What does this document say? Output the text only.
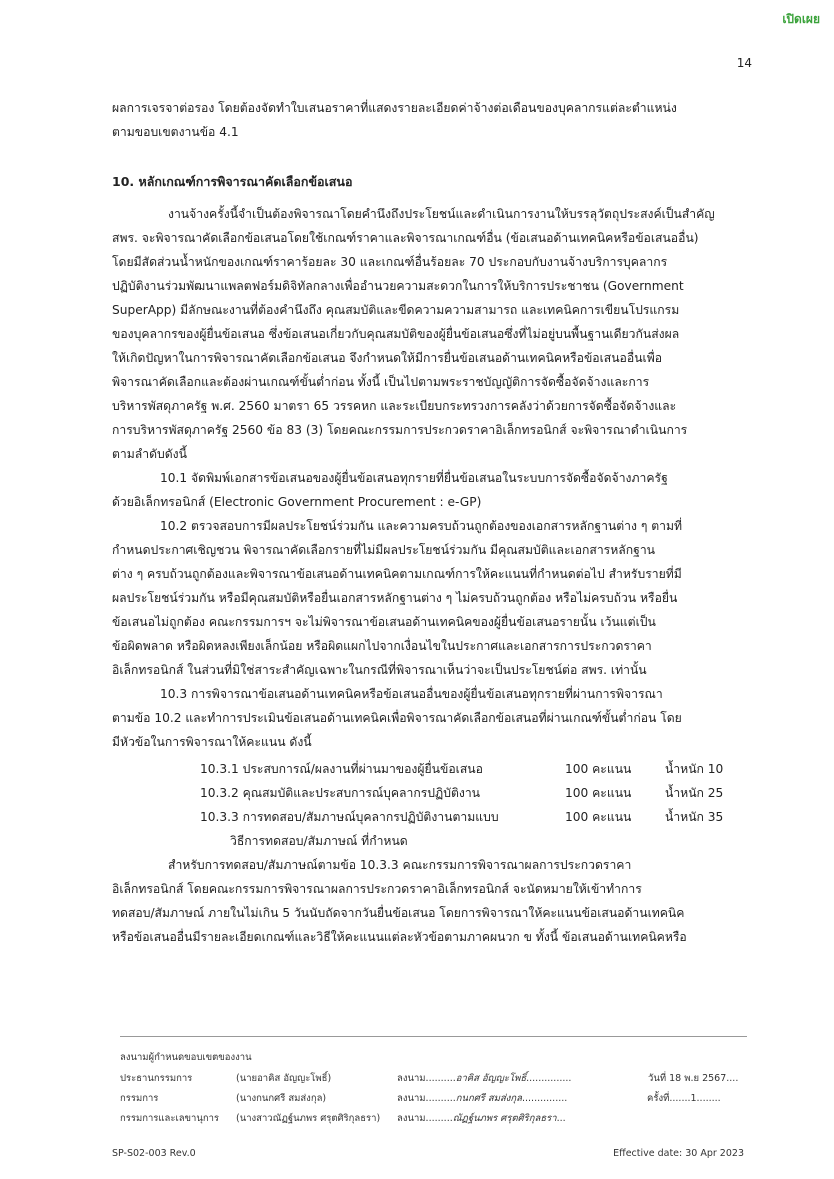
เปิดเผย
14

ผลการเจรจาต่อรอง โดยต้องจัดทำใบเสนอราคาที่แสดงรายละเอียดค่าจ้างต่อเดือนของบุคลากรแต่ละตำแหน่ง

ตามขอบเขตงานข้อ 4.1

10. หลักเกณฑ์การพิจารณาคัดเลือกข้อเสนอ

งานจ้างครั้งนี้จำเป็นต้องพิจารณาโดยคำนึงถึงประโยชน์และดำเนินการงานให้บรรลุวัตถุประสงค์เป็นสำคัญ

สพร. จะพิจารณาคัดเลือกข้อเสนอโดยใช้เกณฑ์ราคาและพิจารณาเกณฑ์อื่น (ข้อเสนอด้านเทคนิคหรือข้อเสนออื่น)

โดยมีสัดส่วนน้ำหนักของเกณฑ์ราคาร้อยละ 30 และเกณฑ์อื่นร้อยละ 70 ประกอบกับงานจ้างบริการบุคลากร

ปฏิบัติงานร่วมพัฒนาแพลตฟอร์มดิจิทัลกลางเพื่ออำนวยความสะดวกในการให้บริการประชาชน (Government

SuperApp) มีลักษณะงานที่ต้องคำนึงถึง คุณสมบัติและขีดความความสามารถ และเทคนิคการเขียนโปรแกรม

ของบุคลากรของผู้ยื่นข้อเสนอ ซึ่งข้อเสนอเกี่ยวกับคุณสมบัติของผู้ยื่นข้อเสนอซึ่งที่ไม่อยู่บนพื้นฐานเดียวกันส่งผล

ให้เกิดปัญหาในการพิจารณาคัดเลือกข้อเสนอ จึงกำหนดให้มีการยื่นข้อเสนอด้านเทคนิคหรือข้อเสนออื่นเพื่อ

พิจารณาคัดเลือกและต้องผ่านเกณฑ์ขั้นต่ำก่อน ทั้งนี้ เป็นไปตามพระราชบัญญัติการจัดซื้อจัดจ้างและการ

บริหารพัสดุภาครัฐ พ.ศ. 2560 มาตรา 65 วรรคหก และระเบียบกระทรวงการคลังว่าด้วยการจัดซื้อจัดจ้างและ

การบริหารพัสดุภาครัฐ 2560 ข้อ 83 (3) โดยคณะกรรมการประกวดราคาอิเล็กทรอนิกส์ จะพิจารณาดำเนินการ

ตามลำดับดังนี้

10.1 จัดพิมพ์เอกสารข้อเสนอของผู้ยื่นข้อเสนอทุกรายที่ยื่นข้อเสนอในระบบการจัดซื้อจัดจ้างภาครัฐ

ด้วยอิเล็กทรอนิกส์ (Electronic Government Procurement : e-GP)

10.2 ตรวจสอบการมีผลประโยชน์ร่วมกัน และความครบถ้วนถูกต้องของเอกสารหลักฐานต่าง ๆ ตามที่

กำหนดประกาศเชิญชวน พิจารณาคัดเลือกรายที่ไม่มีผลประโยชน์ร่วมกัน มีคุณสมบัติและเอกสารหลักฐาน

ต่าง ๆ ครบถ้วนถูกต้องและพิจารณาข้อเสนอด้านเทคนิคตามเกณฑ์การให้คะแนนที่กำหนดต่อไป สำหรับรายที่มี

ผลประโยชน์ร่วมกัน หรือมีคุณสมบัติหรือยื่นเอกสารหลักฐานต่าง ๆ ไม่ครบถ้วนถูกต้อง หรือไม่ครบถ้วน หรือยื่น

ข้อเสนอไม่ถูกต้อง คณะกรรมการฯ จะไม่พิจารณาข้อเสนอด้านเทคนิคของผู้ยื่นข้อเสนอรายนั้น เว้นแต่เป็น

ข้อผิดพลาด หรือผิดหลงเพียงเล็กน้อย หรือผิดแผกไปจากเงื่อนไขในประกาศและเอกสารการประกวดราคา

อิเล็กทรอนิกส์ ในส่วนที่มิใช่สาระสำคัญเฉพาะในกรณีที่พิจารณาเห็นว่าจะเป็นประโยชน์ต่อ สพร. เท่านั้น

10.3 การพิจารณาข้อเสนอด้านเทคนิคหรือข้อเสนออื่นของผู้ยื่นข้อเสนอทุกรายที่ผ่านการพิจารณา

ตามข้อ 10.2 และทำการประเมินข้อเสนอด้านเทคนิคเพื่อพิจารณาคัดเลือกข้อเสนอที่ผ่านเกณฑ์ขั้นต่ำก่อน โดย

มีหัวข้อในการพิจารณาให้คะแนน ดังนี้

10.3.1 ประสบการณ์/ผลงานที่ผ่านมาของผู้ยื่นข้อเสนอ	100 คะแนน	น้ำหนัก 10
10.3.2 คุณสมบัติและประสบการณ์บุคลากรปฏิบัติงาน	100 คะแนน	น้ำหนัก 25
10.3.3 การทดสอบ/สัมภาษณ์บุคลากรปฏิบัติงานตามแบบ	100 คะแนน	น้ำหนัก 35
วิธีการทดสอบ/สัมภาษณ์ ที่กำหนด

สำหรับการทดสอบ/สัมภาษณ์ตามข้อ 10.3.3 คณะกรรมการพิจารณาผลการประกวดราคา

อิเล็กทรอนิกส์ โดยคณะกรรมการพิจารณาผลการประกวดราคาอิเล็กทรอนิกส์ จะนัดหมายให้เข้าทำการ

ทดสอบ/สัมภาษณ์ ภายในไม่เกิน 5 วันนับถัดจากวันยื่นข้อเสนอ โดยการพิจารณาให้คะแนนข้อเสนอด้านเทคนิค

หรือข้อเสนออื่นมีรายละเอียดเกณฑ์และวิธีให้คะแนนแต่ละหัวข้อตามภาคผนวก ข ทั้งนี้ ข้อเสนอด้านเทคนิคหรือ

ลงนามผู้กำหนดขอบเขตของงาน
ประธานกรรมการ	(นายอาคิส อัญญะโพธิ์)	ลงนาม..........อาคิส อัญญะโพธิ์...............	วันที่ 18 พ.ย 2567....
กรรมการ	(นางกนกศรี สมส่งกุล)	ลงนาม..........กนกศรี สมส่งกุล...............	ครั้งที่.......1........
กรรมการและเลขานุการ (นางสาวณัฏฐ์นภพร ศรุตศิริกุลธรา) ลงนาม.........ณัฏฐ์นภพร ศรุตศิริกุลธรา...
SP-S02-003 Rev.0	Effective date: 30 Apr 2023
